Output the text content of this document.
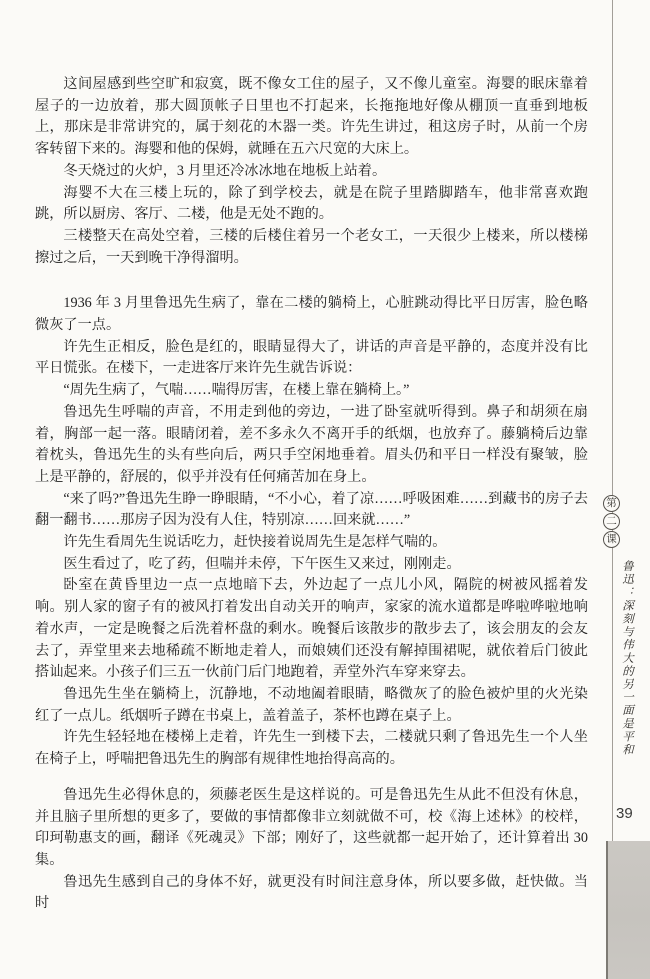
这间屋感到些空旷和寂寞，既不像女工住的屋子，又不像儿童室。海婴的眠床靠着屋子的一边放着，那大圆顶帐子日里也不打起来，长拖拖地好像从棚顶一直垂到地板上，那床是非常讲究的，属于刻花的木器一类。许先生讲过，租这房子时，从前一个房客转留下来的。海婴和他的保姆，就睡在五六尺宽的大床上。

冬天烧过的火炉，3 月里还冷冰冰地在地板上站着。

海婴不大在三楼上玩的，除了到学校去，就是在院子里踏脚踏车，他非常喜欢跑跳，所以厨房、客厅、二楼，他是无处不跑的。

三楼整天在高处空着，三楼的后楼住着另一个老女工，一天很少上楼来，所以楼梯擦过之后，一天到晚干净得溜明。

1936 年 3 月里鲁迅先生病了，靠在二楼的躺椅上，心脏跳动得比平日厉害，脸色略微灰了一点。

许先生正相反，脸色是红的，眼睛显得大了，讲话的声音是平静的，态度并没有比平日慌张。在楼下，一走进客厅来许先生就告诉说：

“周先生病了，气喘……喘得厉害，在楼上靠在躺椅上。”

鲁迅先生呼喘的声音，不用走到他的旁边，一进了卧室就听得到。鼻子和胡须在扇着，胸部一起一落。眼睛闭着，差不多永久不离开手的纸烟，也放弃了。藤躺椅后边靠着枕头，鲁迅先生的头有些向后，两只手空闲地垂着。眉头仍和平日一样没有聚皱，脸上是平静的，舒展的，似乎并没有任何痛苦加在身上。

“来了吗?”鲁迅先生睁一睁眼睛，“不小心，着了凉……呼吸困难……到藏书的房子去翻一翻书……那房子因为没有人住，特别凉……回来就……”

许先生看周先生说话吃力，赶快接着说周先生是怎样气喘的。

医生看过了，吃了药，但喘并未停，下午医生又来过，刚刚走。

卧室在黄昏里边一点一点地暗下去，外边起了一点儿小风，隔院的树被风摇着发响。别人家的窗子有的被风打着发出自动关开的响声，家家的流水道都是哗啦哗啦地响着水声，一定是晚餐之后洗着杯盘的剩水。晚餐后该散步的散步去了，该会朋友的会友去了，弄堂里来去地稀疏不断地走着人，而娘姨们还没有解掉围裙呢，就依着后门彼此搭讪起来。小孩子们三五一伙前门后门地跑着，弄堂外汽车穿来穿去。

鲁迅先生坐在躺椅上，沉静地，不动地阖着眼睛，略微灰了的脸色被炉里的火光染红了一点儿。纸烟听子蹲在书桌上，盖着盖子，茶杯也蹲在桌子上。

许先生轻轻地在楼梯上走着，许先生一到楼下去，二楼就只剩了鲁迅先生一个人坐在椅子上，呼喘把鲁迅先生的胸部有规律性地抬得高高的。

鲁迅先生必得休息的，须藤老医生是这样说的。可是鲁迅先生从此不但没有休息，并且脑子里所想的更多了，要做的事情都像非立刻就做不可，校《海上述林》的校样，印珂勒惠支的画，翻译《死魂灵》下部；刚好了，这些就都一起开始了，还计算着出 30 集。

鲁迅先生感到自己的身体不好，就更没有时间注意身体，所以要多做，赶快做。当时

第
二
课
鲁迅：深刻与伟大的另一面是平和
39
